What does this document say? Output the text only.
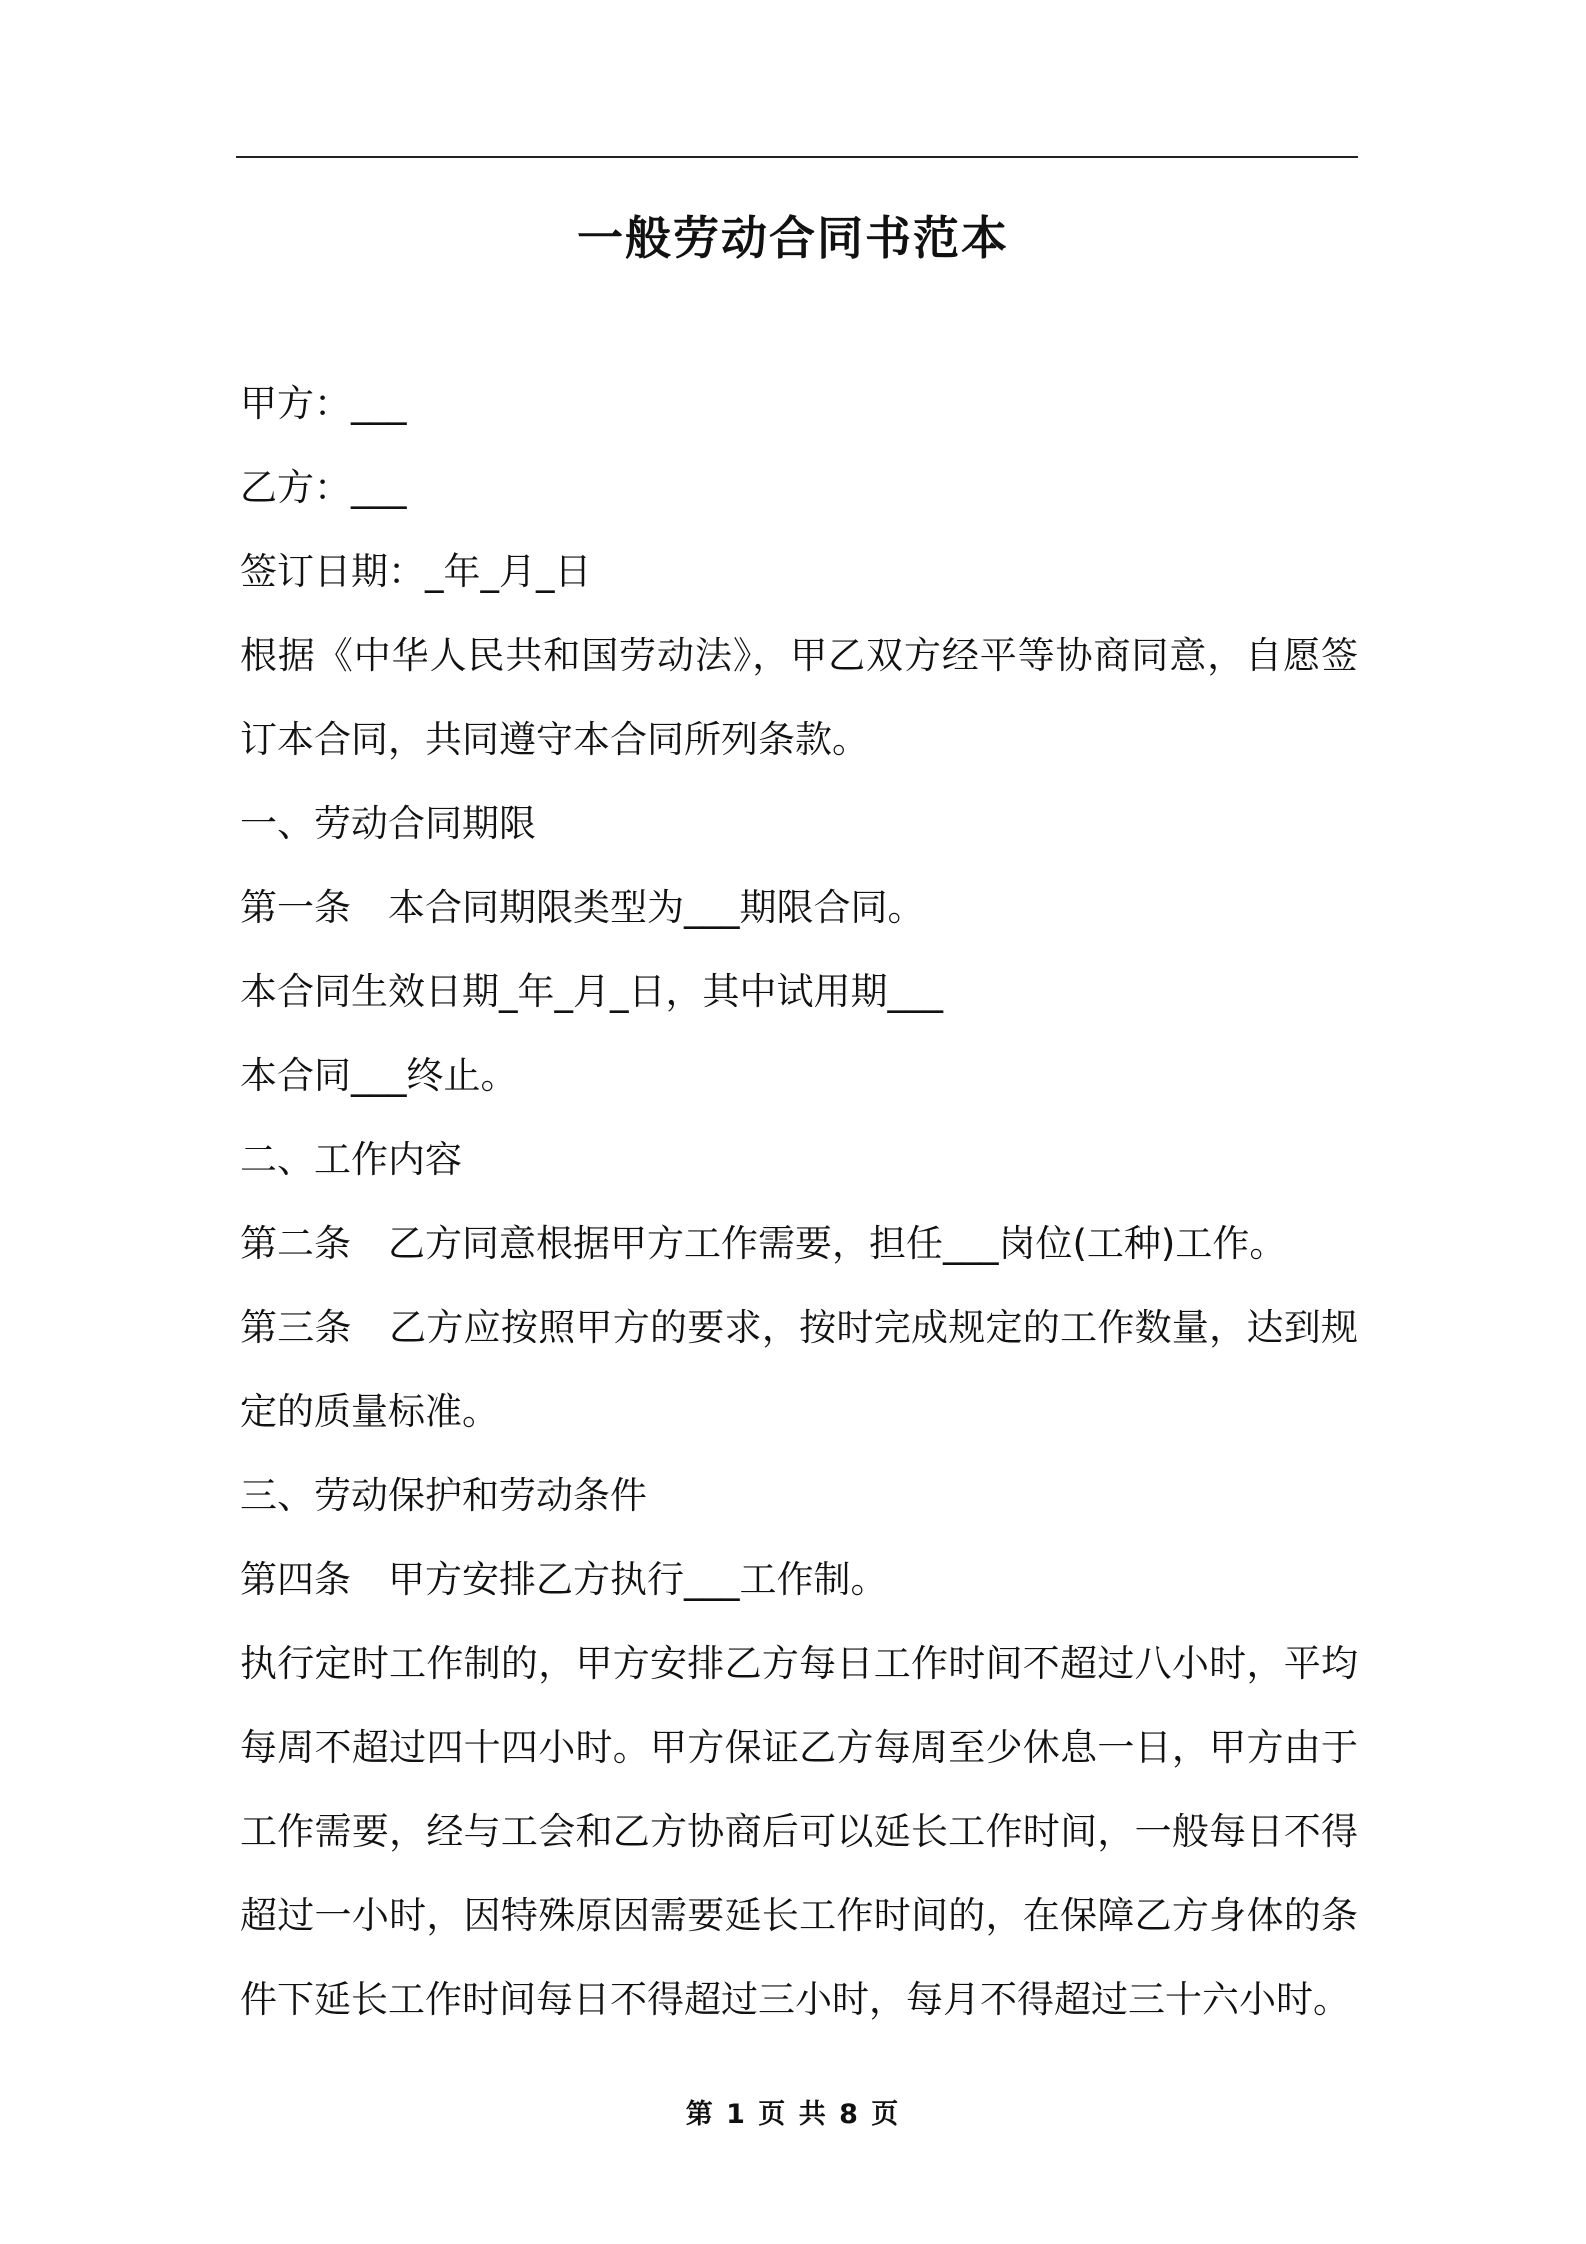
一般劳动合同书范本

甲方：___

乙方：___

签订日期：_年_月_日

根据《中华人民共和国劳动法》，甲乙双方经平等协商同意，自愿签订本合同，共同遵守本合同所列条款。

一、劳动合同期限

第一条　本合同期限类型为___期限合同。

本合同生效日期_年_月_日，其中试用期___

本合同___终止。

二、工作内容

第二条　乙方同意根据甲方工作需要，担任___岗位(工种)工作。

第三条　乙方应按照甲方的要求，按时完成规定的工作数量，达到规定的质量标准。

三、劳动保护和劳动条件

第四条　甲方安排乙方执行___工作制。

执行定时工作制的，甲方安排乙方每日工作时间不超过八小时，平均每周不超过四十四小时。甲方保证乙方每周至少休息一日，甲方由于工作需要，经与工会和乙方协商后可以延长工作时间，一般每日不得超过一小时，因特殊原因需要延长工作时间的，在保障乙方身体的条件下延长工作时间每日不得超过三小时，每月不得超过三十六小时。

第 1 页 共 8 页
